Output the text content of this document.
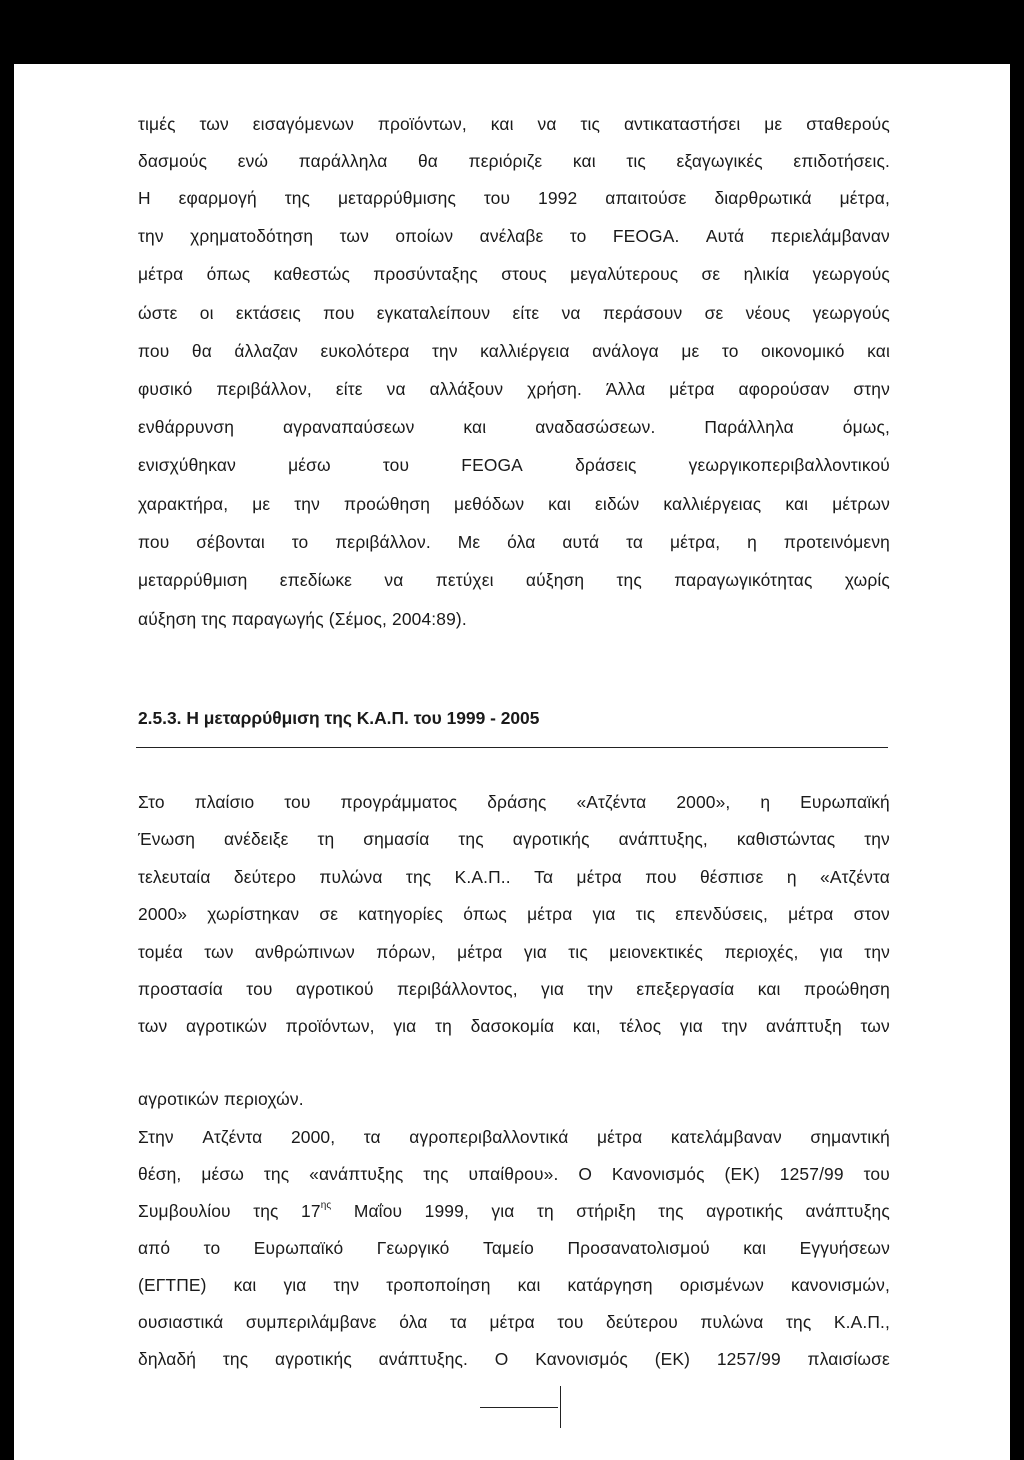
τιμές των εισαγόμενων προϊόντων, και να τις αντικαταστήσει με σταθερούς
δασμούς ενώ παράλληλα θα περιόριζε και τις εξαγωγικές επιδοτήσεις.
Η εφαρμογή της μεταρρύθμισης του 1992 απαιτούσε διαρθρωτικά μέτρα,
την χρηματοδότηση των οποίων ανέλαβε το FEOGA. Αυτά περιελάμβαναν
μέτρα όπως καθεστώς προσύνταξης στους μεγαλύτερους σε ηλικία γεωργούς
ώστε οι εκτάσεις που εγκαταλείπουν είτε να περάσουν σε νέους γεωργούς
που θα άλλαζαν ευκολότερα την καλλιέργεια ανάλογα με το οικονομικό και
φυσικό περιβάλλον, είτε να αλλάξουν χρήση. Άλλα μέτρα αφορούσαν στην
ενθάρρυνση	αγραναπαύσεων	και	αναδασώσεων.	Παράλληλα	όμως,
ενισχύθηκαν	μέσω	του	FEOGA	δράσεις	γεωργικοπεριβαλλοντικού
χαρακτήρα, με την προώθηση μεθόδων και ειδών καλλιέργειας και μέτρων
που σέβονται το περιβάλλον. Με όλα αυτά τα μέτρα, η προτεινόμενη
μεταρρύθμιση επεδίωκε να πετύχει αύξηση της παραγωγικότητας χωρίς
Στο πλαίσιο του προγράμματος δράσης «Ατζέντα 2000», η Ευρωπαϊκή
Ένωση ανέδειξε τη σημασία της αγροτικής ανάπτυξης, καθιστώντας την
τελευταία δεύτερο πυλώνα της Κ.Α.Π.. Τα μέτρα που θέσπισε η «Ατζέντα
2000» χωρίστηκαν σε κατηγορίες όπως μέτρα για τις επενδύσεις, μέτρα στον
τομέα των ανθρώπινων πόρων, μέτρα για τις μειονεκτικές περιοχές, για την
προστασία του αγροτικού περιβάλλοντος, για την επεξεργασία και προώθηση
των αγροτικών προϊόντων, για τη δασοκομία και, τέλος για την ανάπτυξη των
Στην Ατζέντα 2000, τα αγροπεριβαλλοντικά μέτρα κατελάμβαναν σημαντική
θέση, μέσω της «ανάπτυξης της υπαίθρου». Ο Κανονισμός (ΕΚ) 1257/99 του
από το Ευρωπαϊκό Γεωργικό Ταμείο Προσανατολισμού και Εγγυήσεων
(ΕΓΤΠΕ) και για την τροποποίηση και κατάργηση ορισμένων κανονισμών,
ουσιαστικά συμπεριλάμβανε όλα τα μέτρα του δεύτερου πυλώνα της Κ.Α.Π.,
δηλαδή της αγροτικής ανάπτυξης. Ο Κανονισμός (ΕΚ) 1257/99 πλαισίωσε
αύξηση της παραγωγής (Σέμος, 2004:89).
2.5.3. Η μεταρρύθμιση της Κ.Α.Π. του 1999 - 2005
αγροτικών περιοχών.
Συμβουλίου της $17^{\eta\varsigma}$ Μαΐου 1999, για τη στήριξη της αγροτικής ανάπτυξης
